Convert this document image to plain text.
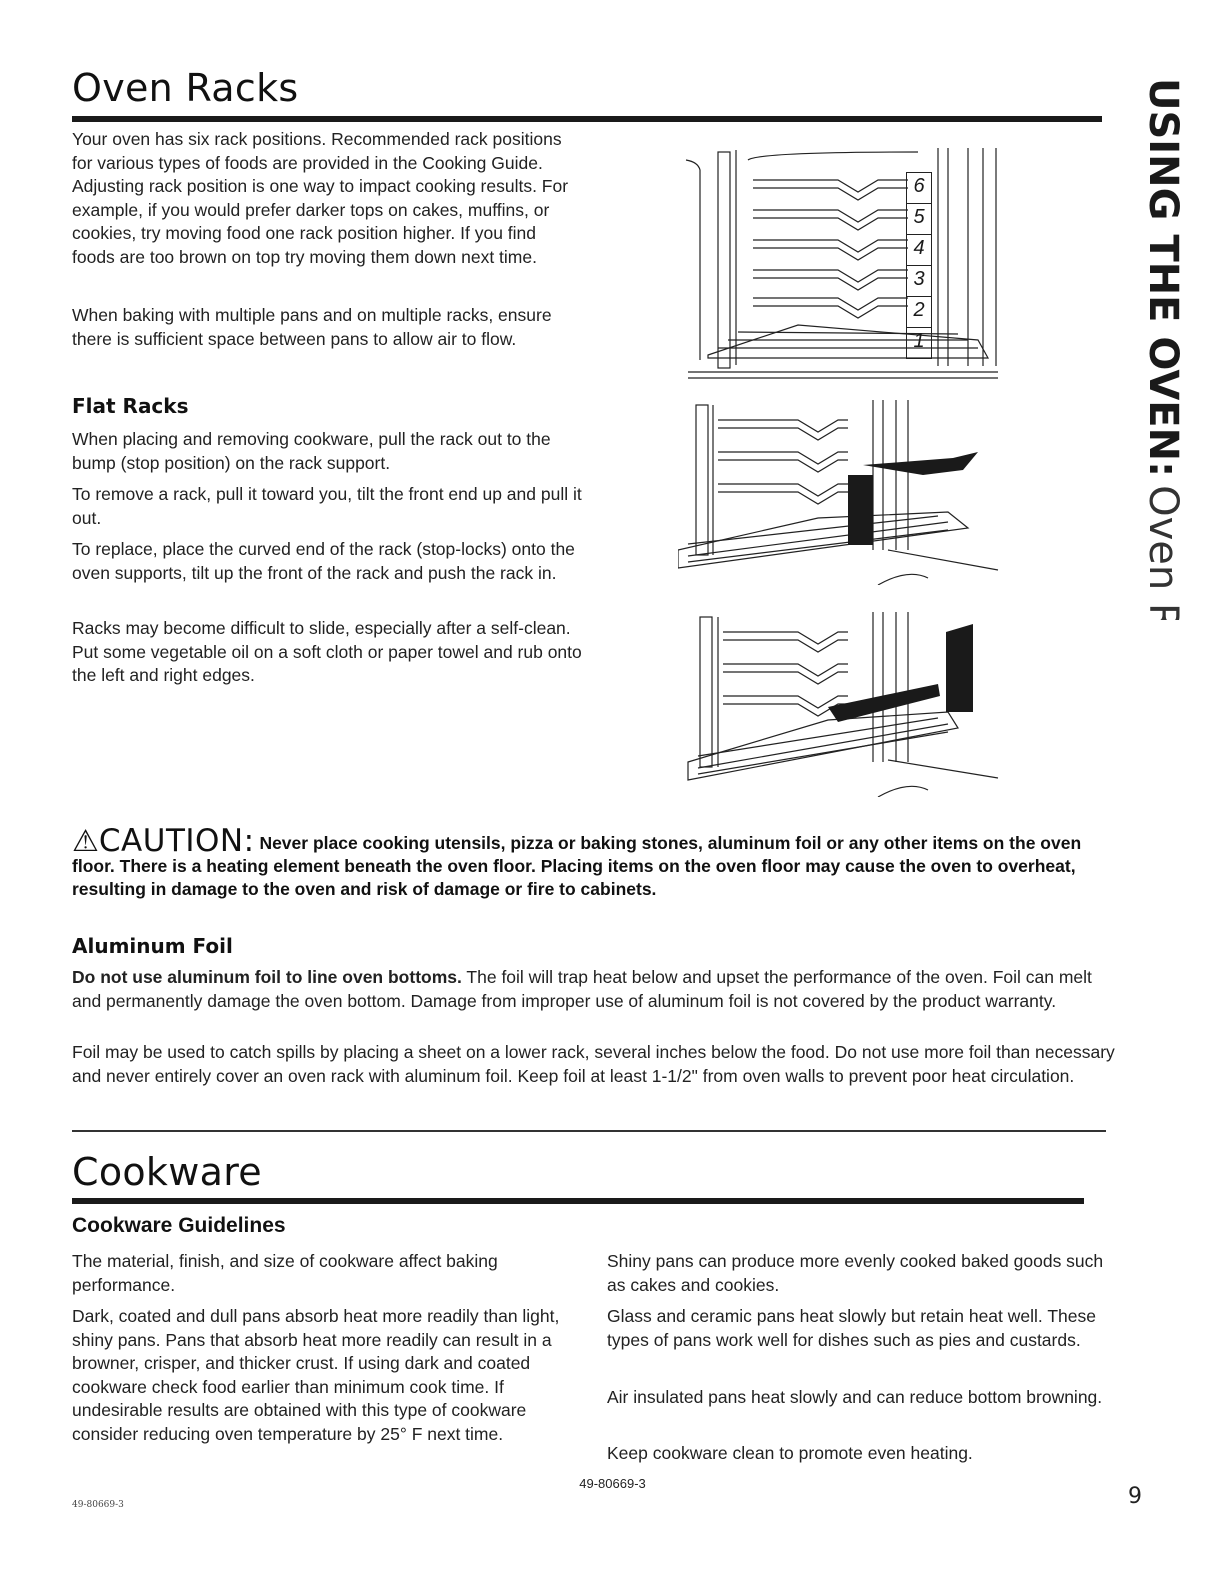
Oven Racks

Your oven has six rack positions. Recommended rack positions for various types of foods are provided in the Cooking Guide. Adjusting rack position is one way to impact cooking results. For example, if you would prefer darker tops on cakes, muffins, or cookies, try moving food one rack position higher. If you find foods are too brown on top try moving them down next time.

When baking with multiple pans and on multiple racks, ensure there is sufficient space between pans to allow air to flow.

Flat Racks

When placing and removing cookware, pull the rack out to the bump (stop position) on the rack support.

To remove a rack, pull it toward you, tilt the front end up and pull it out.

To replace, place the curved end of the rack (stop-locks) onto the oven supports, tilt up the front of the rack and push the rack in.

Racks may become difficult to slide, especially after a self-clean. Put some vegetable oil on a soft cloth or paper towel and rub onto the left and right edges.

6
5
4
3
2
1

⚠CAUTION: Never place cooking utensils, pizza or baking stones, aluminum foil or any other items on the oven floor. There is a heating element beneath the oven floor. Placing items on the oven floor may cause the oven to overheat, resulting in damage to the oven and risk of damage or fire to cabinets.

Aluminum Foil

Do not use aluminum foil to line oven bottoms. The foil will trap heat below and upset the performance of the oven. Foil can melt and permanently damage the oven bottom. Damage from improper use of aluminum foil is not covered by the product warranty.

Foil may be used to catch spills by placing a sheet on a lower rack, several inches below the food. Do not use more foil than necessary and never entirely cover an oven rack with aluminum foil. Keep foil at least 1-1/2" from oven walls to prevent poor heat circulation.

Cookware
Cookware Guidelines

The material, finish, and size of cookware affect baking performance.

Dark, coated and dull pans absorb heat more readily than light, shiny pans. Pans that absorb heat more readily can result in a browner, crisper, and thicker crust. If using dark and coated cookware check food earlier than minimum cook time. If undesirable results are obtained with this type of cookware consider reducing oven temperature by 25° F next time.

Shiny pans can produce more evenly cooked baked goods such as cakes and cookies.

Glass and ceramic pans heat slowly but retain heat well. These types of pans work well for dishes such as pies and custards.

Air insulated pans heat slowly and can reduce bottom browning.

Keep cookware clean to promote even heating.

USING THE OVEN:Oven Racks
49-80669-3
49-80669-3	9
